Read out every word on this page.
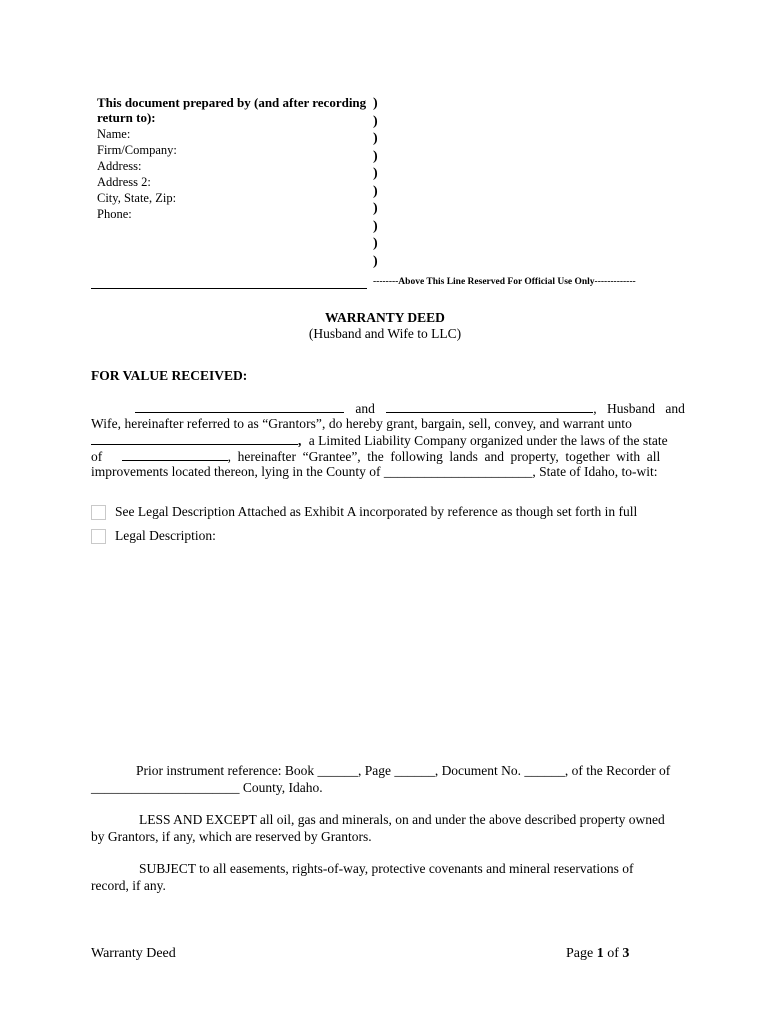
This document prepared by (and after recording
return to):
Name:
Firm/Company:
Address:
Address 2:
City, State, Zip:
Phone:
)
)
)
)
)
)
)
)
)
)
--------Above This Line Reserved For Official Use Only-------------
WARRANTY DEED
(Husband and Wife to LLC)
FOR VALUE RECEIVED:
and	, Husband and
Wife, hereinafter referred to as “Grantors”, do hereby grant, bargain, sell, convey, and warrant unto
, a Limited Liability Company organized under the laws of the state
of	, hereinafter “Grantee”, the following lands and property, together with all
improvements located thereon, lying in the County of ______________________, State of Idaho, to-wit:
See Legal Description Attached as Exhibit A incorporated by reference as though set forth in full
Legal Description:
Prior instrument reference: Book ______, Page ______, Document No. ______, of the Recorder of
______________________ County, Idaho.
LESS AND EXCEPT all oil, gas and minerals, on and under the above described property owned
by Grantors, if any, which are reserved by Grantors.
SUBJECT to all easements, rights-of-way, protective covenants and mineral reservations of
record, if any.
Warranty Deed	Page 1 of 3
